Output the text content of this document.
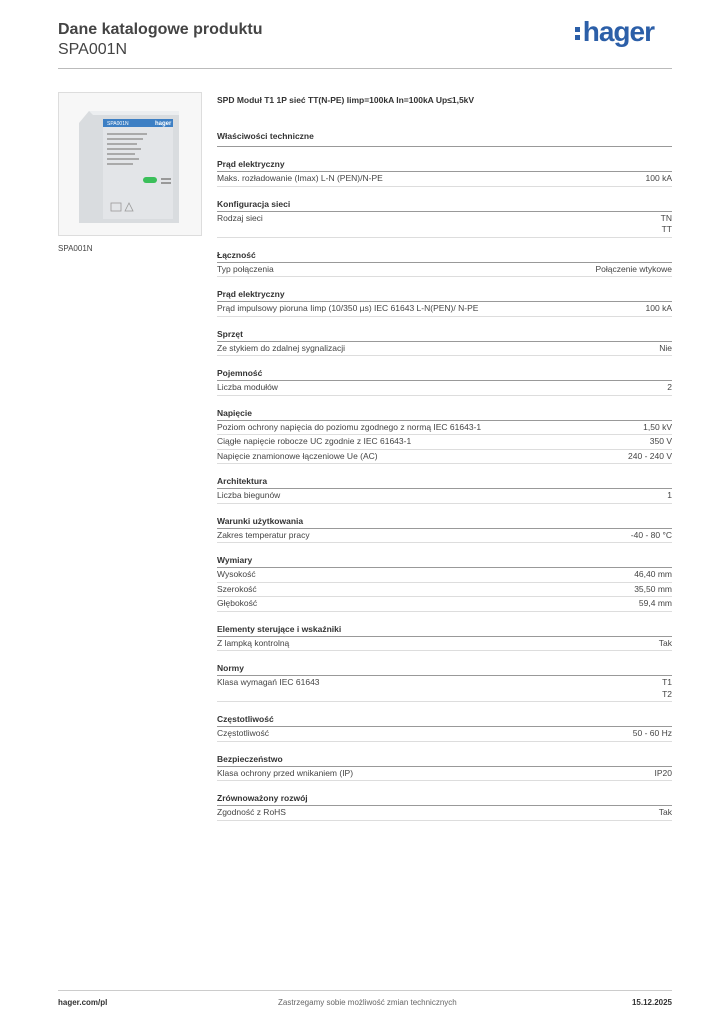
Dane katalogowe produktu
SPA001N
hager
SPA001N	hager
SPA001N
SPD Moduł T1 1P sieć TT(N-PE) Iimp=100kA In=100kA Up≤1,5kV
Właściwości techniczne
Prąd elektryczny
Maks. rozładowanie (Imax) L-N (PEN)/N-PE	100 kA
Konfiguracja sieci
Rodzaj sieci	TN
TT
Łączność
Typ połączenia	Połączenie wtykowe
Prąd elektryczny
Prąd impulsowy pioruna Iimp (10/350 µs) IEC 61643 L-N(PEN)/ N-PE	100 kA
Sprzęt
Ze stykiem do zdalnej sygnalizacji	Nie
Pojemność
Liczba modułów	2
Napięcie
Poziom ochrony napięcia do poziomu zgodnego z normą IEC 61643-1	1,50 kV
Ciągłe napięcie robocze UC zgodnie z IEC 61643-1	350 V
Napięcie znamionowe łączeniowe Ue (AC)	240 - 240 V
Architektura
Liczba biegunów	1
Warunki użytkowania
Zakres temperatur pracy	-40 - 80 °C
Wymiary
Wysokość	46,40 mm
Szerokość	35,50 mm
Głębokość	59,4 mm
Elementy sterujące i wskaźniki
Z lampką kontrolną	Tak
Normy
Klasa wymagań IEC 61643	T1
T2
Częstotliwość
Częstotliwość	50 - 60 Hz
Bezpieczeństwo
Klasa ochrony przed wnikaniem (IP)	IP20
Zrównoważony rozwój
Zgodność z RoHS	Tak
hager.com/pl	Zastrzegamy sobie możliwość zmian technicznych	15.12.2025
